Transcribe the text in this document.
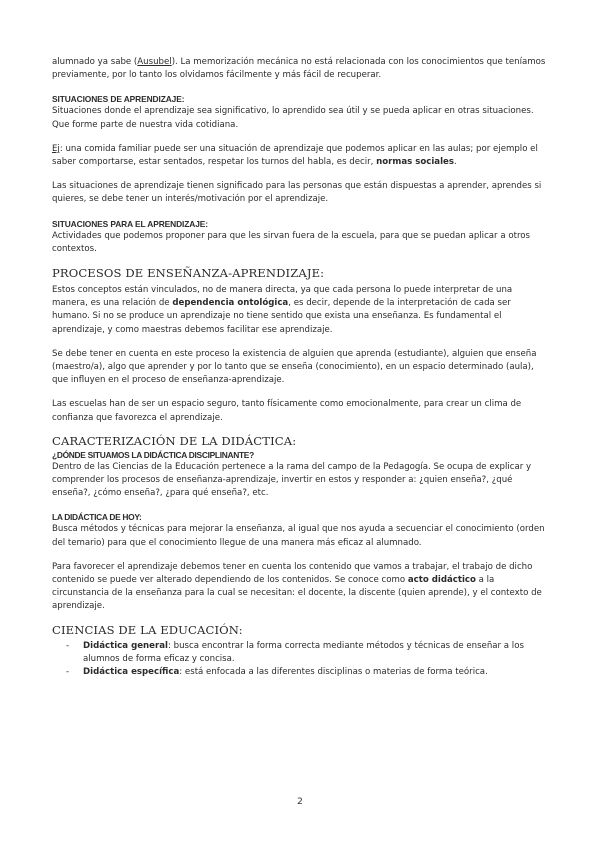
alumnado ya sabe (Ausubel). La memorización mecánica no está relacionada con los conocimientos que teníamos previamente, por lo tanto los olvidamos fácilmente y más fácil de recuperar.

SITUACIONES DE APRENDIZAJE:

Situaciones donde el aprendizaje sea significativo, lo aprendido sea útil y se pueda aplicar en otras situaciones. Que forme parte de nuestra vida cotidiana.

Ej: una comida familiar puede ser una situación de aprendizaje que podemos aplicar en las aulas; por ejemplo el saber comportarse, estar sentados, respetar los turnos del habla, es decir, normas sociales.

Las situaciones de aprendizaje tienen significado para las personas que están dispuestas a aprender, aprendes si quieres, se debe tener un interés/motivación por el aprendizaje.

SITUACIONES PARA EL APRENDIZAJE:

Actividades que podemos proponer para que les sirvan fuera de la escuela, para que se puedan aplicar a otros contextos.

PROCESOS DE ENSEÑANZA-APRENDIZAJE:

Estos conceptos están vinculados, no de manera directa, ya que cada persona lo puede interpretar de una manera, es una relación de dependencia ontológica, es decir, depende de la interpretación de cada ser humano. Si no se produce un aprendizaje no tiene sentido que exista una enseñanza. Es fundamental el aprendizaje, y como maestras debemos facilitar ese aprendizaje.

Se debe tener en cuenta en este proceso la existencia de alguien que aprenda (estudiante), alguien que enseña (maestro/a), algo que aprender y por lo tanto que se enseña (conocimiento), en un espacio determinado (aula), que influyen en el proceso de enseñanza-aprendizaje.

Las escuelas han de ser un espacio seguro, tanto físicamente como emocionalmente, para crear un clima de confianza que favorezca el aprendizaje.

CARACTERIZACIÓN DE LA DIDÁCTICA:
¿DÓNDE SITUAMOS LA DIDÁCTICA DISCIPLINANTE?

Dentro de las Ciencias de la Educación pertenece a la rama del campo de la Pedagogía. Se ocupa de explicar y comprender los procesos de enseñanza-aprendizaje, invertir en estos y responder a: ¿quien enseña?, ¿qué enseña?, ¿cómo enseña?, ¿para qué enseña?, etc.

LA DIDÁCTICA DE HOY:

Busca métodos y técnicas para mejorar la enseñanza, al igual que nos ayuda a secuenciar el conocimiento (orden del temario) para que el conocimiento llegue de una manera más eficaz al alumnado.

Para favorecer el aprendizaje debemos tener en cuenta los contenido que vamos a trabajar, el trabajo de dicho contenido se puede ver alterado dependiendo de los contenidos. Se conoce como acto didáctico a la circunstancia de la enseñanza para la cual se necesitan: el docente, la discente (quien aprende), y el contexto de aprendizaje.

CIENCIAS DE LA EDUCACIÓN:
- Didáctica general: busca encontrar la forma correcta mediante métodos y técnicas de enseñar a los alumnos de forma eficaz y concisa.
- Didáctica específica: está enfocada a las diferentes disciplinas o materias de forma teórica.
2
